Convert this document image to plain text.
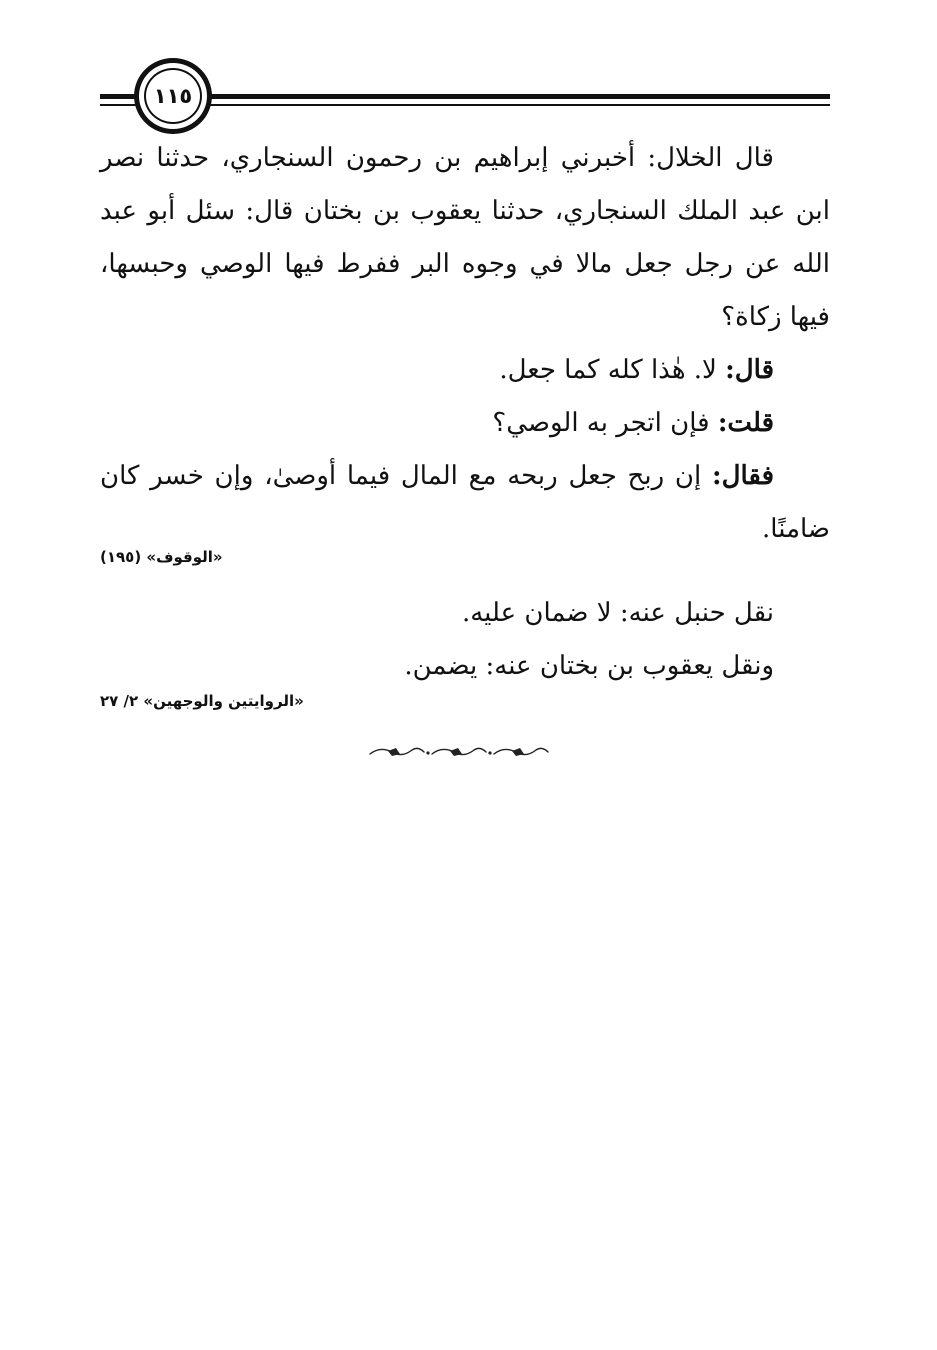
١١٥

قال الخلال: أخبرني إبراهيم بن رحمون السنجاري، حدثنا نصر ابن عبد الملك السنجاري، حدثنا يعقوب بن بختان قال: سئل أبو عبد الله عن رجل جعل مالا في وجوه البر ففرط فيها الوصي وحبسها، فيها زكاة؟

قال: لا. هٰذا كله كما جعل.

قلت: فإن اتجر به الوصي؟

فقال: إن ربح جعل ربحه مع المال فيما أوصىٰ، وإن خسر كان ضامنًا.

«الوقوف» (١٩٥)

نقل حنبل عنه: لا ضمان عليه.

ونقل يعقوب بن بختان عنه: يضمن.

«الروايتين والوجهين» ٢/ ٢٧
